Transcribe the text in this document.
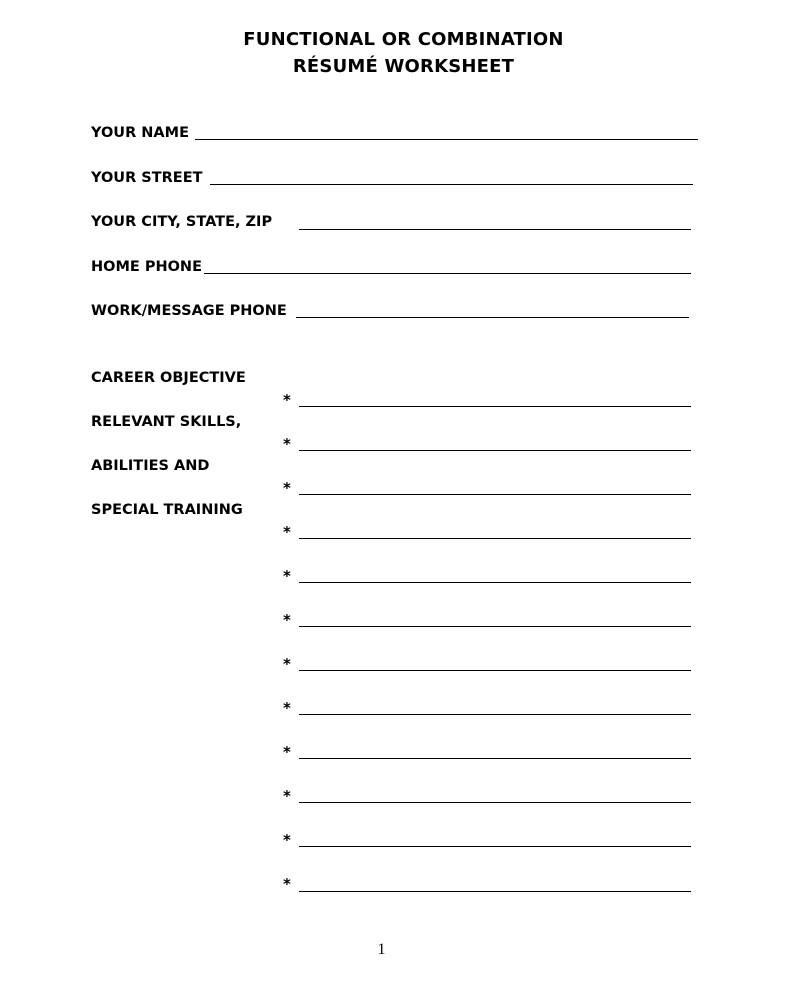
FUNCTIONAL OR COMBINATION
RÉSUMÉ WORKSHEET
YOUR NAME
YOUR STREET
YOUR CITY, STATE, ZIP
HOME PHONE
WORK/MESSAGE PHONE
CAREER OBJECTIVE
RELEVANT SKILLS,
ABILITIES AND
SPECIAL TRAINING
*
*
*
*
*
*
*
*
*
*
*
*
1
